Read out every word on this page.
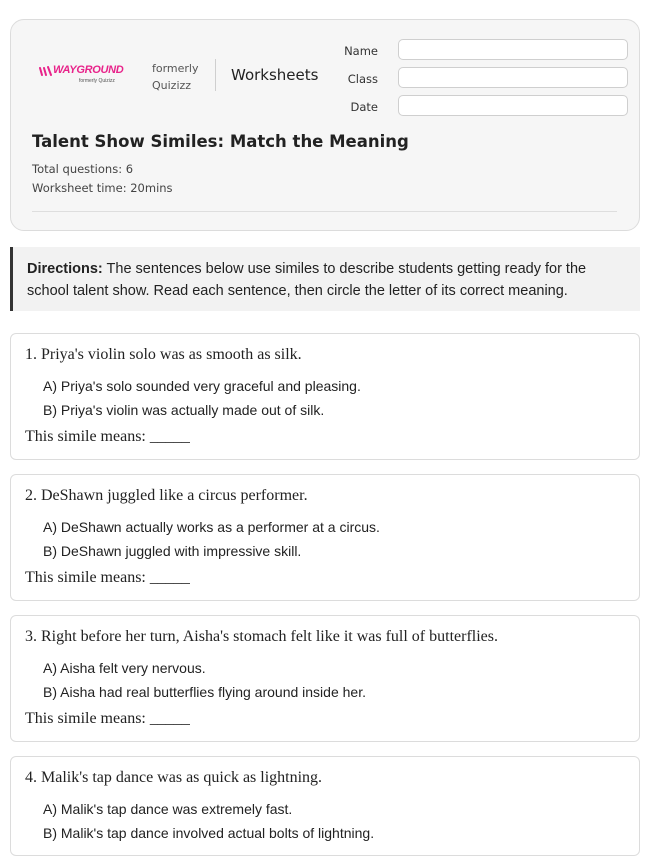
WAYGROUND
formerly Quizizz
formerly
Quizizz
Worksheets
Name
Class
Date
Talent Show Similes: Match the Meaning
Total questions: 6
Worksheet time: 20mins
Directions: The sentences below use similes to describe students getting ready for the school talent show. Read each sentence, then circle the letter of its correct meaning.
1. Priya's violin solo was as smooth as silk.
A) Priya's solo sounded very graceful and pleasing.
B) Priya's violin was actually made out of silk.
This simile means: _____
2. DeShawn juggled like a circus performer.
A) DeShawn actually works as a performer at a circus.
B) DeShawn juggled with impressive skill.
This simile means: _____
3. Right before her turn, Aisha's stomach felt like it was full of butterflies.
A) Aisha felt very nervous.
B) Aisha had real butterflies flying around inside her.
This simile means: _____
4. Malik's tap dance was as quick as lightning.
A) Malik's tap dance was extremely fast.
B) Malik's tap dance involved actual bolts of lightning.
